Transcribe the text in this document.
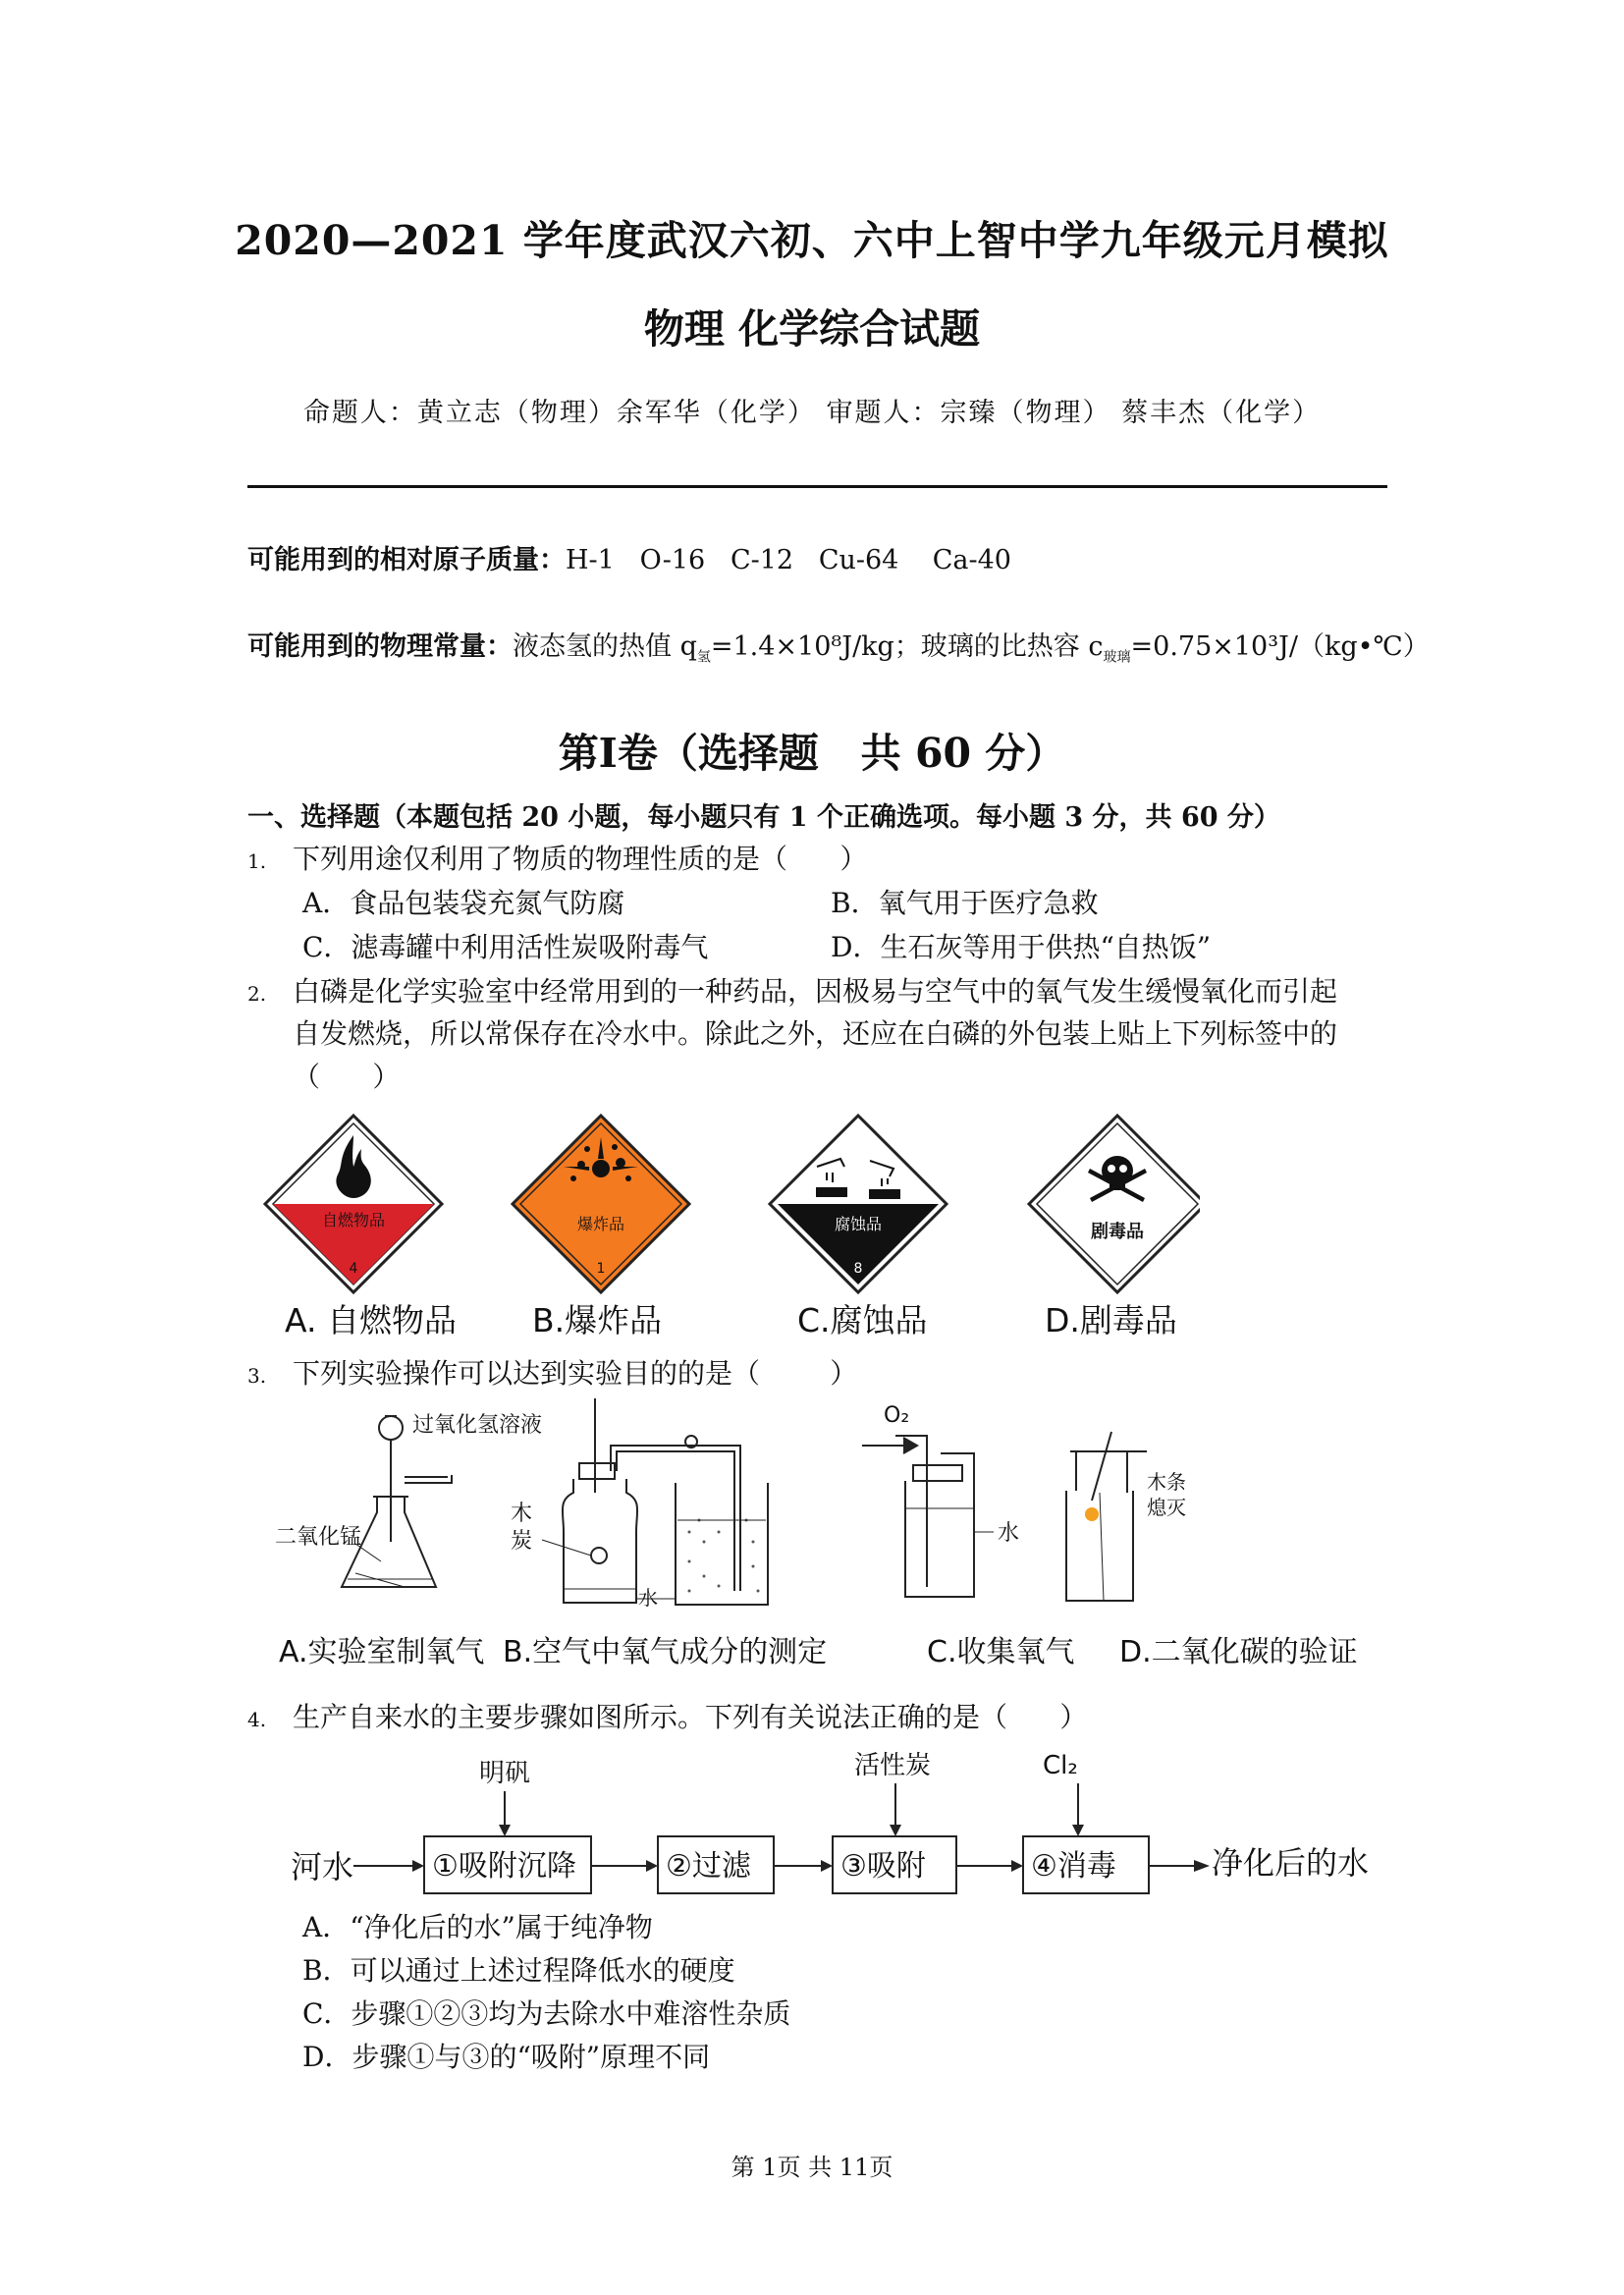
2020—2021 学年度武汉六初、六中上智中学九年级元月模拟
物理 化学综合试题
命题人：黄立志（物理）余军华（化学） 审题人：宗臻（物理） 蔡丰杰（化学）
可能用到的相对原子质量：H-1   O-16   C-12   Cu-64    Ca-40
可能用到的物理常量：液态氢的热值 $q_氢=1.4\times 10^8J/kg$；玻璃的比热容 $c_{玻璃}=0.75\times 10^3J/(kg•℃)$
第Ⅰ卷（选择题   共 60 分）
一、选择题（本题包括 20 小题，每小题只有 1 个正确选项。每小题 3 分，共 60 分）
1. 下列用途仅利用了物质的物理性质的是（      ）
A．食品包装袋充氮气防腐	B．氧气用于医疗急救
C．滤毒罐中利用活性炭吸附毒气	D．生石灰等用于供热“自热饭”
2. 白磷是化学实验室中经常用到的一种药品，因极易与空气中的氧气发生缓慢氧化而引起
自发燃烧，所以常保存在冷水中。除此之外，还应在白磷的外包装上贴上下列标签中的
（      ）
自燃物品
4
爆炸品
1
腐蚀品
8
剧毒品
A. 自燃物品 B.爆炸品	C.腐蚀品	D.剧毒品
3. 下列实验操作可以达到实验目的的是（        ）
过氧化氢溶液
二氧化锰
木
炭
水
O₂
水
木条
熄灭
A.实验室制氧气 B.空气中氧气成分的测定	C.收集氧气 D.二氧化碳的验证
4. 生产自来水的主要步骤如图所示。下列有关说法正确的是（      ）
河水
明矾	活性炭	Cl₂
①吸附沉降	②过滤	③吸附	④消毒	净化后的水
A．“净化后的水”属于纯净物
B．可以通过上述过程降低水的硬度
C．步骤①②③均为去除水中难溶性杂质
D．步骤①与③的“吸附”原理不同
第 1页 共 11页
